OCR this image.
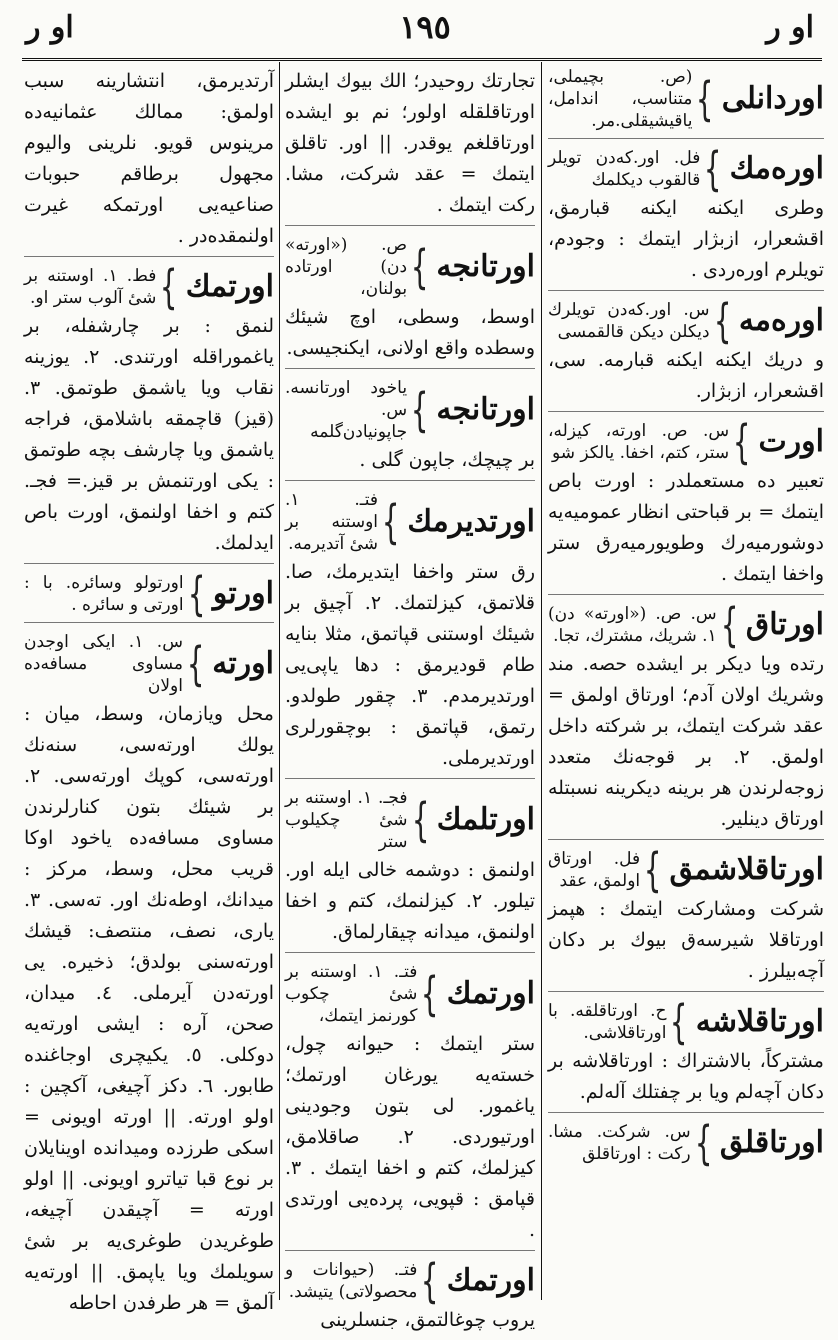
او ر
١٩٥
او ر
اوردانلی
}
(ص. بچیملی، متناسب، اندامل، یاقیشیقلی.مر.
اوره‌مك
}
فل. اور.كه‌دن تویلر قالقوب دیكلمك
وطری ایكنه ایكنه قبارمق، اقشعرار، ازبژار ایتمك : وجودم، تویلرم اوره‌ردی .
اوره‌مه
}
س. اور.كه‌دن تویلرك دیكلن دیكن قالقمسی
و دریك ایكنه ایكنه قبارمه. سی، اقشعرار، ازبژار.
اورت
}
س. ص. اورته، كیزله، ستر، كتم، اخفا. یالكز شو
تعبیر ده مستعملدر : اورت باص ایتمك = بر قباحتی انظار عمومیه‌یه دوشورمیه‌رك وطویورمیه‌رق ستر واخفا ایتمك .
اورتاق
}
س. ص. («اورته» دن) ١. شریك، مشترك، تجا.
رتده ویا دیكر بر ایشده حصه. مند وشریك اولان آدم؛ اورتاق اولمق = عقد شركت ایتمك، بر شركته داخل اولمق. ٢. بر قوجه‌نك متعدد زوجه‌لرندن هر برینه دیكرینه نسبتله اورتاق دینلیر.
اورتاقلاشمق
}
فل. اورتاق اولمق، عقد
شركت ومشاركت ایتمك : هپمز اورتاقلا شیرسه‌ق بیوك بر دكان آچه‌بیلرز .
اورتاقلاشه
}
ح. اورتاقلقه. با اورتاقلاشی.
مشتركاً، بالاشتراك : اورتاقلاشه بر دكان آچه‌لم ویا بر چفتلك آله‌لم.
اورتاقلق
}
س. شركت. مشا. ركت : اورتاقلق
تجارتك روحیدر؛ الك بیوك ایشلر اورتاقلقله اولور؛ نم بو ایشده اورتاقلغم یوقدر. || اور. تاقلق ایتمك = عقد شركت، مشا. ركت ایتمك .
اورتانجه
}
ص. («اورته» دن) اورتاده بولنان،
اوسط، وسطی، اوچ شیئك وسطده واقع اولانی، ایكنجیسی.
اورتانجه
}
یاخود اورتانسه. س. جاپونیادن‌گلمه
بر چیچك، جاپون گلی .
اورتدیرمك
}
فتـ. ١. اوستنه بر شیٔ آتدیرمه.
رق ستر واخفا ایتدیرمك، صا. قلاتمق، كیزلتمك. ٢. آچیق بر شیئك اوستنی قپاتمق، مثلا بنایه طام قودیرمق : دها یاپی‌یی اورتدیرمدم. ٣. چقور طولدو. رتمق، قپاتمق : بوچقورلری اورتدیرملی.
اورتلمك
}
فجـ. ١. اوستنه بر شیٔ چكیلوب ستر
اولنمق : دوشمه خالی ایله اور. تیلور. ٢. كیزلنمك، كتم و اخفا اولنمق، میدانه چیقارلماق.
اورتمك
}
فتـ. ١. اوستنه بر شیٔ چكوب كورنمز ایتمك،
ستر ایتمك : حیوانه چول، خسته‌یه یورغان اورتمك؛ یاغمور. لی بتون وجودینی اورتیوردی. ٢. صاقلامق، كیزلمك، كتم و اخفا ایتمك . ٣. قپامق : قپویی، پرده‌یی اورتدی .
اورتمك
}
فتـ. (حیوانات و محصولاتی) یتیشد.
یروب چوغالتمق، جنسلرینی
آرتدیرمق، انتشارینه سبب اولمق: ممالك عثمانیه‌ده مرینوس قویو. نلرینی والیوم مجهول برطاقم حبوبات صناعیه‌یی اورتمكه غیرت اولنمقده‌در .
اورتمك
}
فط. ١. اوستنه بر شیٔ آلوب ستر او.
لنمق : بر چارشفله، بر یاغموراقله اورتندی. ٢. یوزینه نقاب ویا یاشمق طوتمق. ٣. (قیز) قاچمقه باشلامق، فراجه یاشمق ویا چارشف بچه‌ طوتمق : یكی اورتنمش بر قیز.= فجـ. كتم و اخفا اولنمق، اورت باص ایدلمك.
اورتو
}
اورتولو وسائره. با : اورتی و سائره .
اورته
}
س. ١. ایكی اوجدن مساوی مسافه‌ده اولان
محل ویازمان، وسط، میان : یولك اورته‌سی، سنه‌نك اورته‌سی، كوپك اورته‌سی. ٢. بر شیئك بتون كنارلرندن مساوی مسافه‌ده یاخود اوكا قریب محل، وسط، مركز : میدانك، اوطه‌نك اور. ته‌سی. ٣. یاری، نصف، منتصف: قیشك اورته‌سنی بولدق؛ ذخیره. یی اورته‌دن آیرملی. ٤. میدان، صحن، آره : ایشی اورته‌یه دوكلی. ٥. یكیچری اوجاغنده طابور. ٦. دكز آچیغی، آكچین : اولو اورته. || اورته اویونی = اسكی طرزده ومیدانده اوینایلان بر نوع قبا تیاترو اویونی. || اولو اورته = آچیقدن آچیغه، طوغریدن طوغری‌یه بر شیٔ سویلمك ویا یاپمق. || اورته‌یه آلمق = هر طرفدن احاطه
